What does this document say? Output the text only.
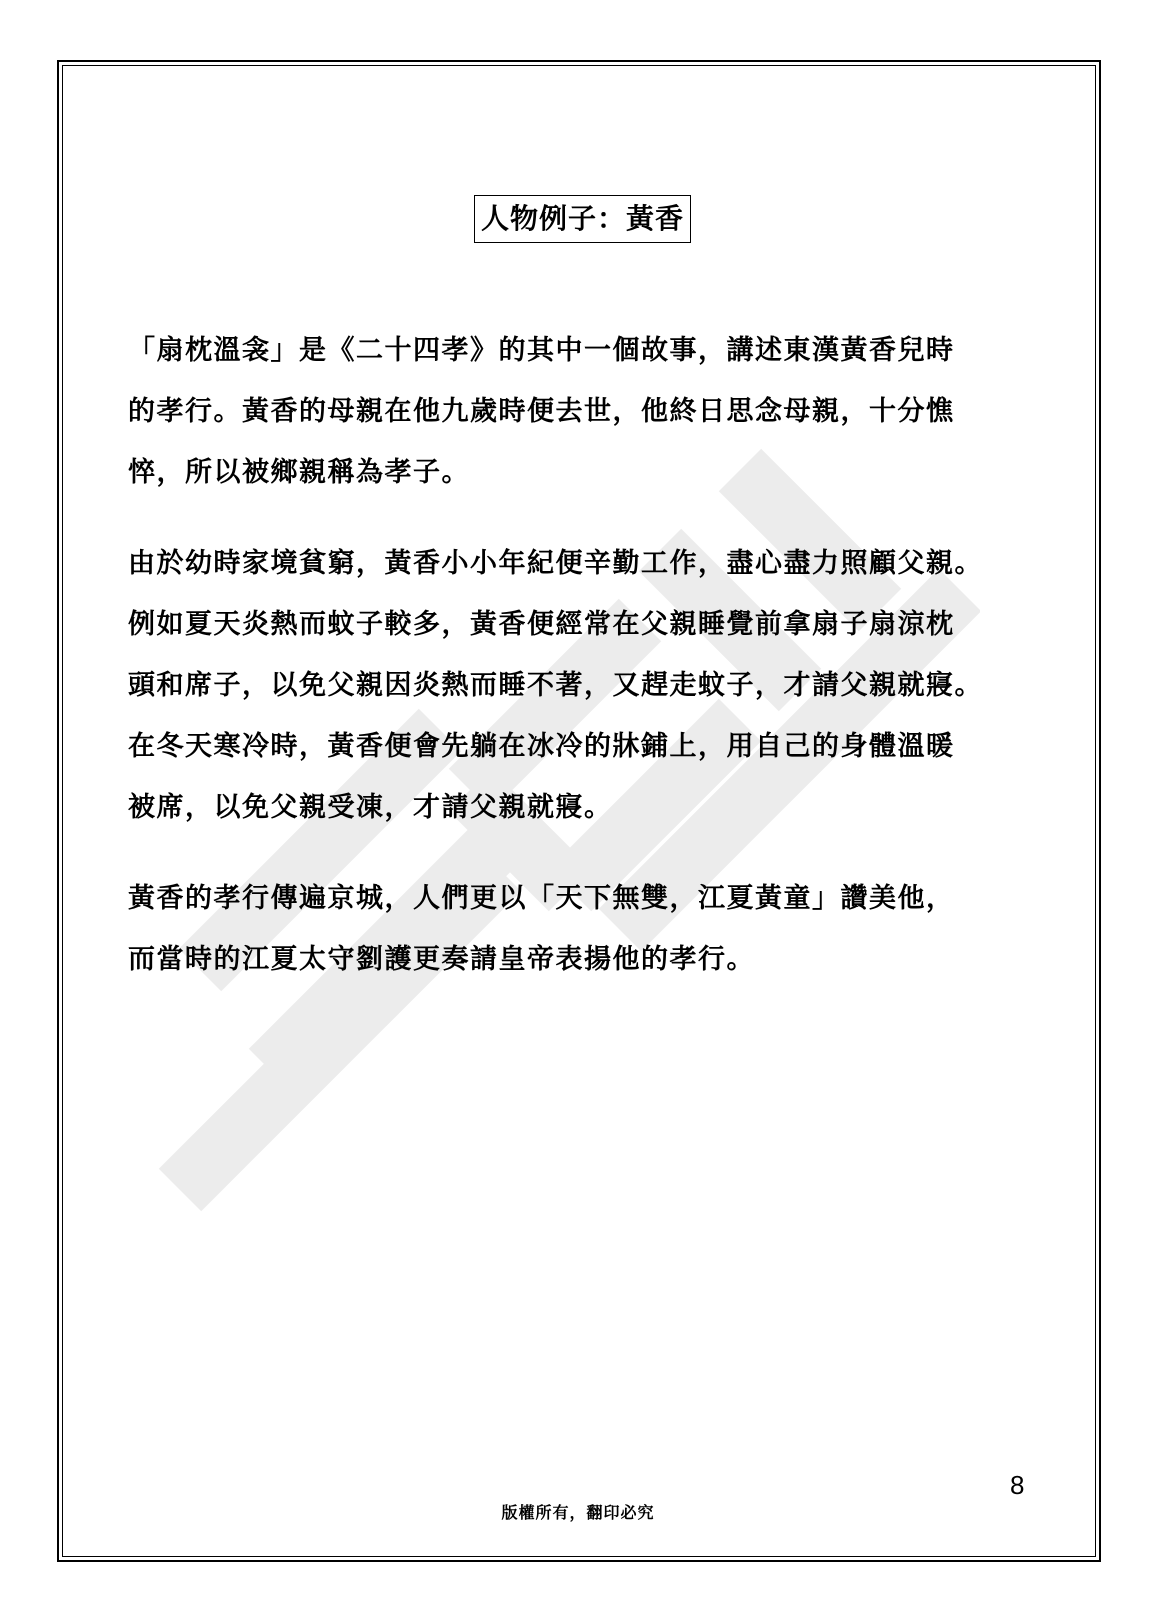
人物例子：黃香

「扇枕溫衾」是《二十四孝》的其中一個故事，講述東漢黃香兒時
的孝行。黃香的母親在他九歲時便去世，他終日思念母親，十分憔
悴，所以被鄉親稱為孝子。

由於幼時家境貧窮，黃香小小年紀便辛勤工作，盡心盡力照顧父親。
例如夏天炎熱而蚊子較多，黃香便經常在父親睡覺前拿扇子扇涼枕
頭和席子，以免父親因炎熱而睡不著，又趕走蚊子，才請父親就寢。
在冬天寒冷時，黃香便會先躺在冰冷的牀鋪上，用自己的身體溫暖
被席，以免父親受凍，才請父親就寢。

黃香的孝行傳遍京城，人們更以「天下無雙，江夏黃童」讚美他，
而當時的江夏太守劉護更奏請皇帝表揚他的孝行。

8
版權所有，翻印必究
